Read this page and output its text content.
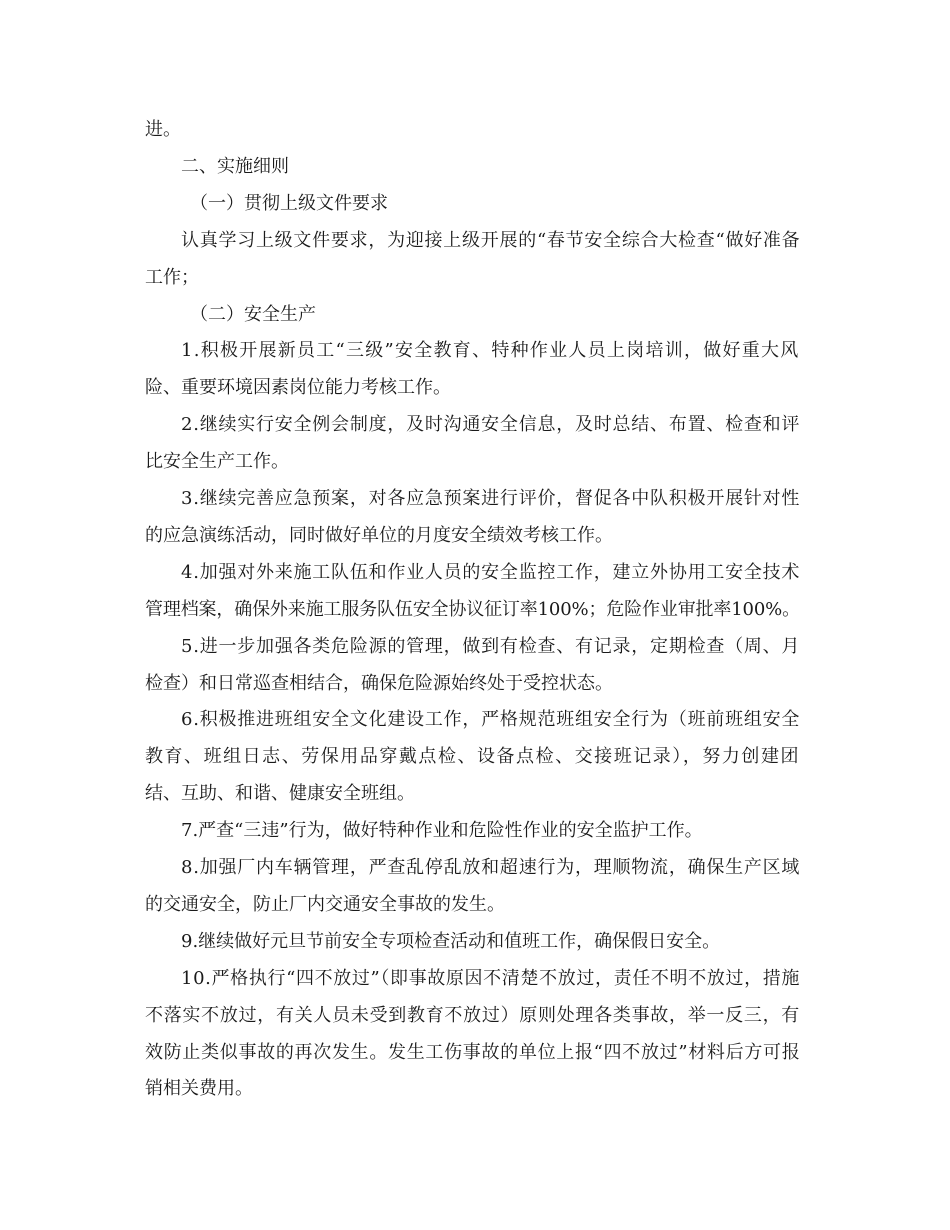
进。
二、实施细则
（一）贯彻上级文件要求
认真学习上级文件要求，为迎接上级开展的“春节安全综合大检查“做好准备
工作；
（二）安全生产
1.积极开展新员工“三级”安全教育、特种作业人员上岗培训，做好重大风
险、重要环境因素岗位能力考核工作。
2.继续实行安全例会制度，及时沟通安全信息，及时总结、布置、检查和评
比安全生产工作。
3.继续完善应急预案，对各应急预案进行评价，督促各中队积极开展针对性
的应急演练活动，同时做好单位的月度安全绩效考核工作。
4.加强对外来施工队伍和作业人员的安全监控工作，建立外协用工安全技术
管理档案，确保外来施工服务队伍安全协议征订率100%；危险作业审批率100%。
5.进一步加强各类危险源的管理，做到有检查、有记录，定期检查（周、月
检查）和日常巡查相结合，确保危险源始终处于受控状态。
6.积极推进班组安全文化建设工作，严格规范班组安全行为（班前班组安全
教育、班组日志、劳保用品穿戴点检、设备点检、交接班记录），努力创建团
结、互助、和谐、健康安全班组。
7.严查“三违”行为，做好特种作业和危险性作业的安全监护工作。
8.加强厂内车辆管理，严查乱停乱放和超速行为，理顺物流，确保生产区域
的交通安全，防止厂内交通安全事故的发生。
9.继续做好元旦节前安全专项检查活动和值班工作，确保假日安全。
10.严格执行“四不放过”（即事故原因不清楚不放过，责任不明不放过，措施
不落实不放过，有关人员未受到教育不放过）原则处理各类事故，举一反三，有
效防止类似事故的再次发生。发生工伤事故的单位上报“四不放过”材料后方可报
销相关费用。
